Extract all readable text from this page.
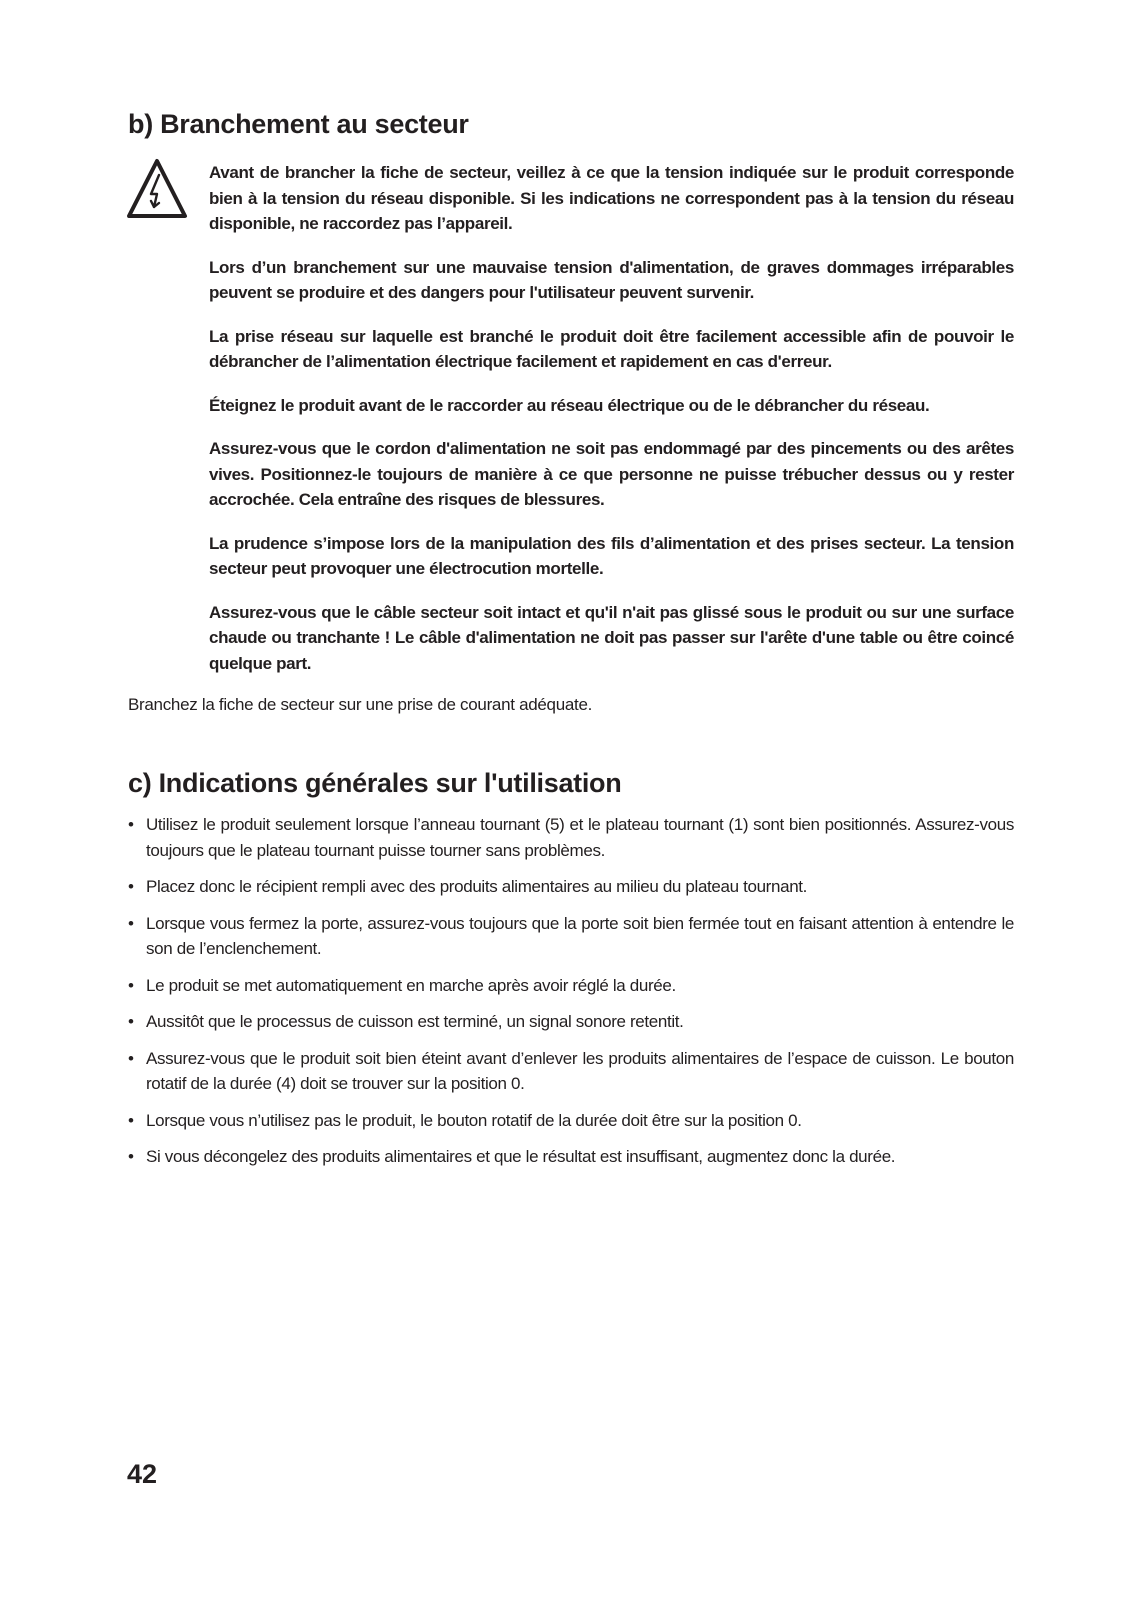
b) Branchement au secteur

Avant de brancher la fiche de secteur, veillez à ce que la tension indiquée sur le produit corresponde bien à la tension du réseau disponible. Si les indications ne correspondent pas à la tension du réseau disponible, ne raccordez pas l’appareil.

Lors d’un branchement sur une mauvaise tension d'alimentation, de graves dommages irréparables peuvent se produire et des dangers pour l'utilisateur peuvent survenir.

La prise réseau sur laquelle est branché le produit doit être facilement accessible afin de pouvoir le débrancher de l’alimentation électrique facilement et rapidement en cas d'erreur.

Éteignez le produit avant de le raccorder au réseau électrique ou de le débrancher du réseau.

Assurez-vous que le cordon d'alimentation ne soit pas endommagé par des pincements ou des arêtes vives. Positionnez-le toujours de manière à ce que personne ne puisse trébucher dessus ou y rester accrochée. Cela entraîne des risques de blessures.

La prudence s’impose lors de la manipulation des fils d’alimentation et des prises secteur. La tension secteur peut provoquer une électrocution mortelle.

Assurez-vous que le câble secteur soit intact et qu'il n'ait pas glissé sous le produit ou sur une surface chaude ou tranchante ! Le câble d'alimentation ne doit pas passer sur l'arête d'une table ou être coincé quelque part.

Branchez la fiche de secteur sur une prise de courant adéquate.

c) Indications générales sur l'utilisation
• Utilisez le produit seulement lorsque l’anneau tournant (5) et le plateau tournant (1) sont bien positionnés. Assurez-vous toujours que le plateau tournant puisse tourner sans problèmes.
• Placez donc le récipient rempli avec des produits alimentaires au milieu du plateau tournant.
• Lorsque vous fermez la porte, assurez-vous toujours que la porte soit bien fermée tout en faisant attention à entendre le son de l’enclenchement.
• Le produit se met automatiquement en marche après avoir réglé la durée.
• Aussitôt que le processus de cuisson est terminé, un signal sonore retentit.
• Assurez-vous que le produit soit bien éteint avant d’enlever les produits alimentaires de l’espace de cuisson. Le bouton rotatif de la durée (4) doit se trouver sur la position 0.
• Lorsque vous n’utilisez pas le produit, le bouton rotatif de la durée doit être sur la position 0.
• Si vous décongelez des produits alimentaires et que le résultat est insuffisant, augmentez donc la durée.

42
